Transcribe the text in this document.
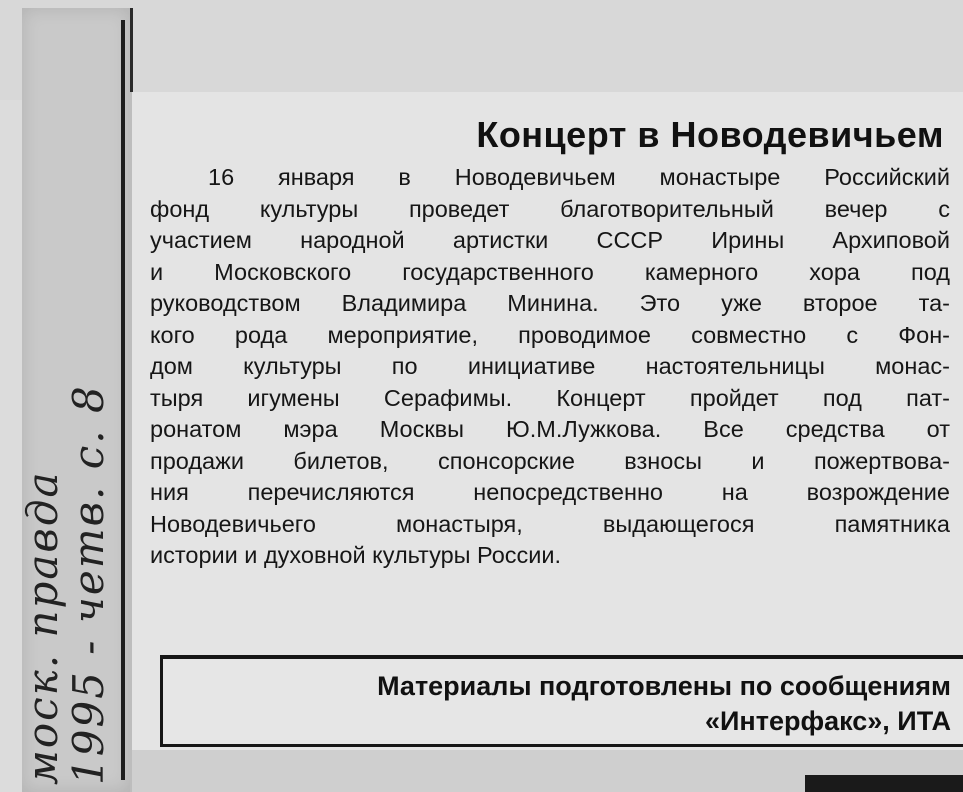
моск. правда
1995 - четв. с. 8
Концерт в Новодевичьем
16 января в Новодевичьем монастыре Российский
фонд культуры проведет благотворительный вечер с
участием народной артистки СССР Ирины Архиповой
и Московского государственного камерного хора под
руководством Владимира Минина. Это уже второе та-
кого рода мероприятие, проводимое совместно с Фон-
дом культуры по инициативе настоятельницы монас-
тыря игумены Серафимы. Концерт пройдет под пат-
ронатом мэра Москвы Ю.М.Лужкова. Все средства от
продажи билетов, спонсорские взносы и пожертвова-
ния перечисляются непосредственно на возрождение
Новодевичьего монастыря, выдающегося памятника
истории и духовной культуры России.
Материалы подготовлены по сообщениям
«Интерфакс», ИТА
